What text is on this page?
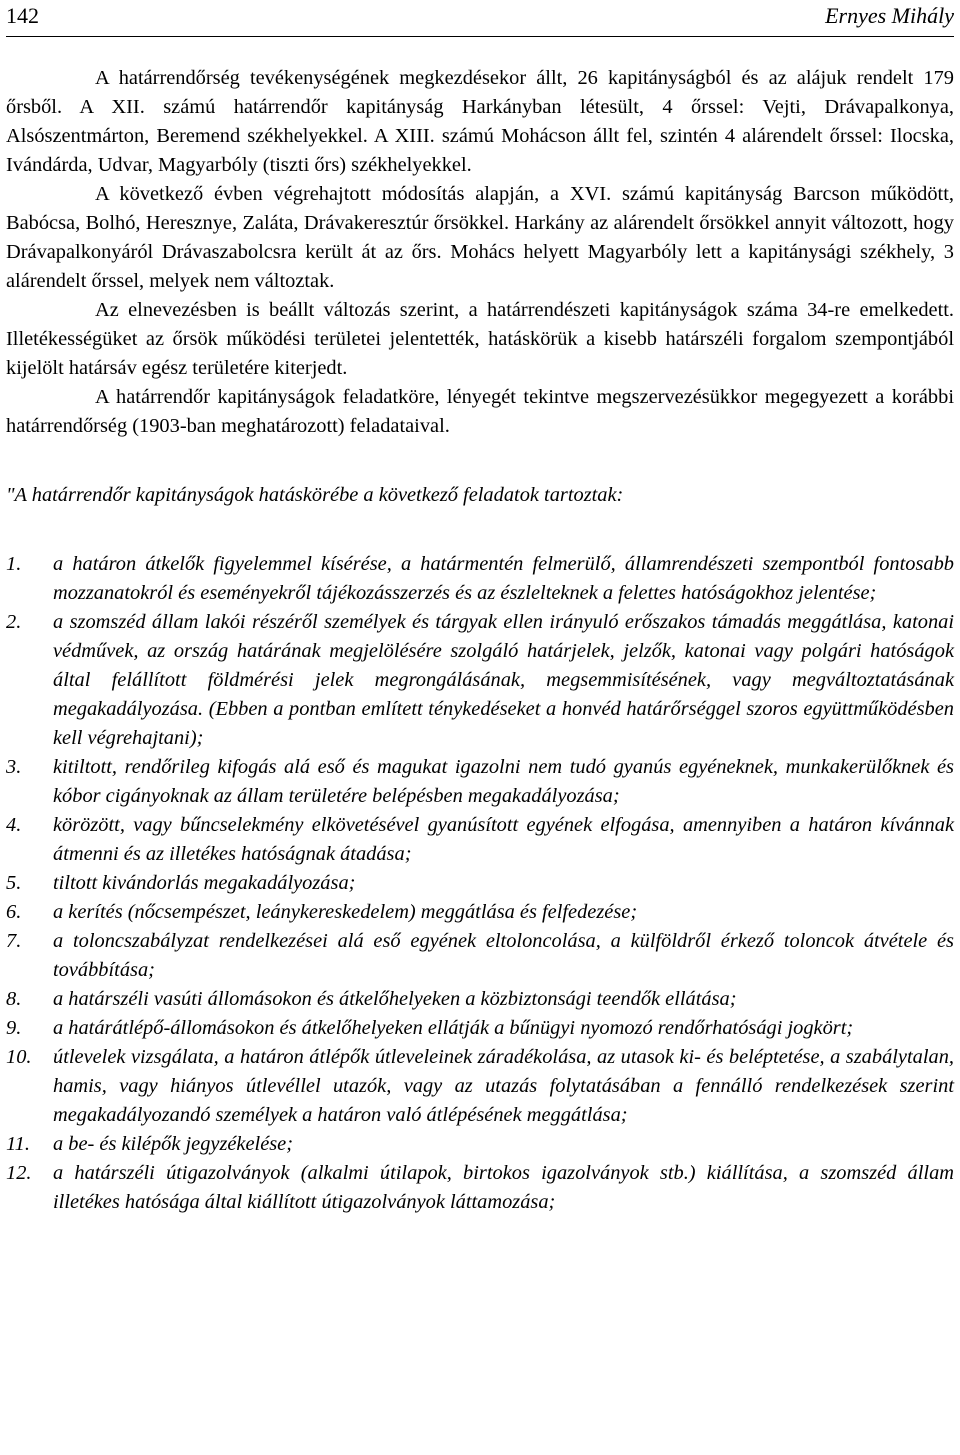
142	Ernyes Mihály

A határrendőrség tevékenységének megkezdésekor állt, 26 kapitányságból és az alájuk rendelt 179 őrsből. A XII. számú határrendőr kapitányság Harkányban létesült, 4 őrssel: Vejti, Drávapalkonya, Alsószentmárton, Beremend székhelyekkel. A XIII. számú Mohácson állt fel, szintén 4 alárendelt őrssel: Ilocska, Ivándárda, Udvar, Magyarbóly (tiszti őrs) székhelyekkel.

A következő évben végrehajtott módosítás alapján, a XVI. számú kapitányság Barcson működött, Babócsa, Bolhó, Heresznye, Zaláta, Drávakeresztúr őrsökkel. Harkány az alárendelt őrsökkel annyit változott, hogy Drávapalkonyáról Drávaszabolcsra került át az őrs. Mohács helyett Magyarbóly lett a kapitánysági székhely, 3 alárendelt őrssel, melyek nem változtak.

Az elnevezésben is beállt változás szerint, a határrendészeti kapitányságok száma 34-re emelkedett. Illetékességüket az őrsök működési területei jelentették, hatáskörük a kisebb határszéli forgalom szempontjából kijelölt határsáv egész területére kiterjedt.

A határrendőr kapitányságok feladatköre, lényegét tekintve megszervezésükkor megegyezett a korábbi határrendőrség (1903-ban meghatározott) feladataival.

"A határrendőr kapitányságok hatáskörébe a következő feladatok tartoztak:

1.	a határon átkelők figyelemmel kísérése, a határmentén felmerülő, államrendészeti szempontból fontosabb mozzanatokról és eseményekről tájékozásszerzés és az észlelteknek a felettes hatóságokhoz jelentése;
2.	a szomszéd állam lakói részéről személyek és tárgyak ellen irányuló erőszakos támadás meggátlása, katonai védművek, az ország határának megjelölésére szolgáló határjelek, jelzők, katonai vagy polgári hatóságok által felállított földmérési jelek megrongálásának, megsemmisítésének, vagy megváltoztatásának megakadályozása. (Ebben a pontban említett ténykedéseket a honvéd határőrséggel szoros együttműködésben kell végrehajtani);
3.	kitiltott, rendőrileg kifogás alá eső és magukat igazolni nem tudó gyanús egyéneknek, munkakerülőknek és kóbor cigányoknak az állam területére belépésben megakadályozása;
4.	körözött, vagy bűncselekmény elkövetésével gyanúsított egyének elfogása, amennyiben a határon kívánnak átmenni és az illetékes hatóságnak átadása;
5.	tiltott kivándorlás megakadályozása;
6.	a kerítés (nőcsempészet, leánykereskedelem) meggátlása és felfedezése;
7.	a toloncszabályzat rendelkezései alá eső egyének eltoloncolása, a külföldről érkező toloncok átvétele és továbbítása;
8.	a határszéli vasúti állomásokon és átkelőhelyeken a közbiztonsági teendők ellátása;
9.	a határátlépő-állomásokon és átkelőhelyeken ellátják a bűnügyi nyomozó rendőrhatósági jogkört;
10.	útlevelek vizsgálata, a határon átlépők útleveleinek záradékolása, az utasok ki- és beléptetése, a szabálytalan, hamis, vagy hiányos útlevéllel utazók, vagy az utazás folytatásában a fennálló rendelkezések szerint megakadályozandó személyek a határon való átlépésének meggátlása;
11.	a be- és kilépők jegyzékelése;
12.	a határszéli útigazolványok (alkalmi útilapok, birtokos igazolványok stb.) kiállítása, a szomszéd állam illetékes hatósága által kiállított útigazolványok láttamozása;
